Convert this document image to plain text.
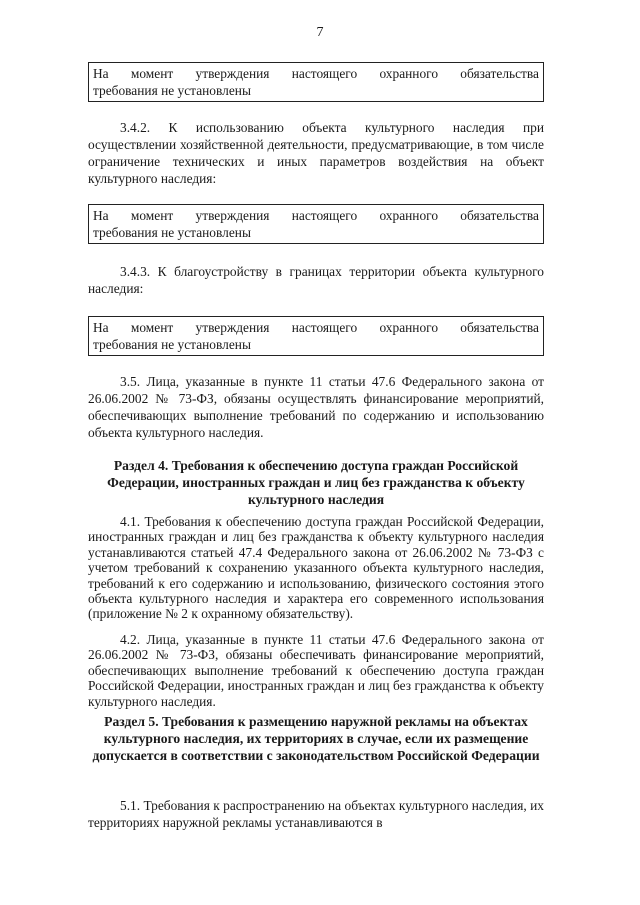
7
На момент утверждения настоящего охранного обязательства
требования не установлены

3.4.2. К использованию объекта культурного наследия при осуществлении хозяйственной деятельности, предусматривающие, в том числе ограничение технических и иных параметров воздействия на объект культурного наследия:

На момент утверждения настоящего охранного обязательства
требования не установлены

3.4.3. К благоустройству в границах территории объекта культурного наследия:

На момент утверждения настоящего охранного обязательства
требования не установлены

3.5. Лица, указанные в пункте 11 статьи 47.6 Федерального закона от 26.06.2002 № 73-ФЗ, обязаны осуществлять финансирование мероприятий, обеспечивающих выполнение требований по содержанию и использованию объекта культурного наследия.

Раздел 4. Требования к обеспечению доступа граждан Российской Федерации, иностранных граждан и лиц без гражданства к объекту культурного наследия

4.1. Требования к обеспечению доступа граждан Российской Федерации, иностранных граждан и лиц без гражданства к объекту культурного наследия устанавливаются статьей 47.4 Федерального закона от 26.06.2002 № 73-ФЗ с учетом требований к сохранению указанного объекта культурного наследия, требований к его содержанию и использованию, физического состояния этого объекта культурного наследия и характера его современного использования (приложение № 2 к охранному обязательству).

4.2. Лица, указанные в пункте 11 статьи 47.6 Федерального закона от 26.06.2002 № 73-ФЗ, обязаны обеспечивать финансирование мероприятий, обеспечивающих выполнение требований к обеспечению доступа граждан Российской Федерации, иностранных граждан и лиц без гражданства к объекту культурного наследия.

Раздел 5. Требования к размещению наружной рекламы на объектах культурного наследия, их территориях в случае, если их размещение допускается в соответствии с законодательством Российской Федерации

5.1. Требования к распространению на объектах культурного наследия, их территориях наружной рекламы устанавливаются в
